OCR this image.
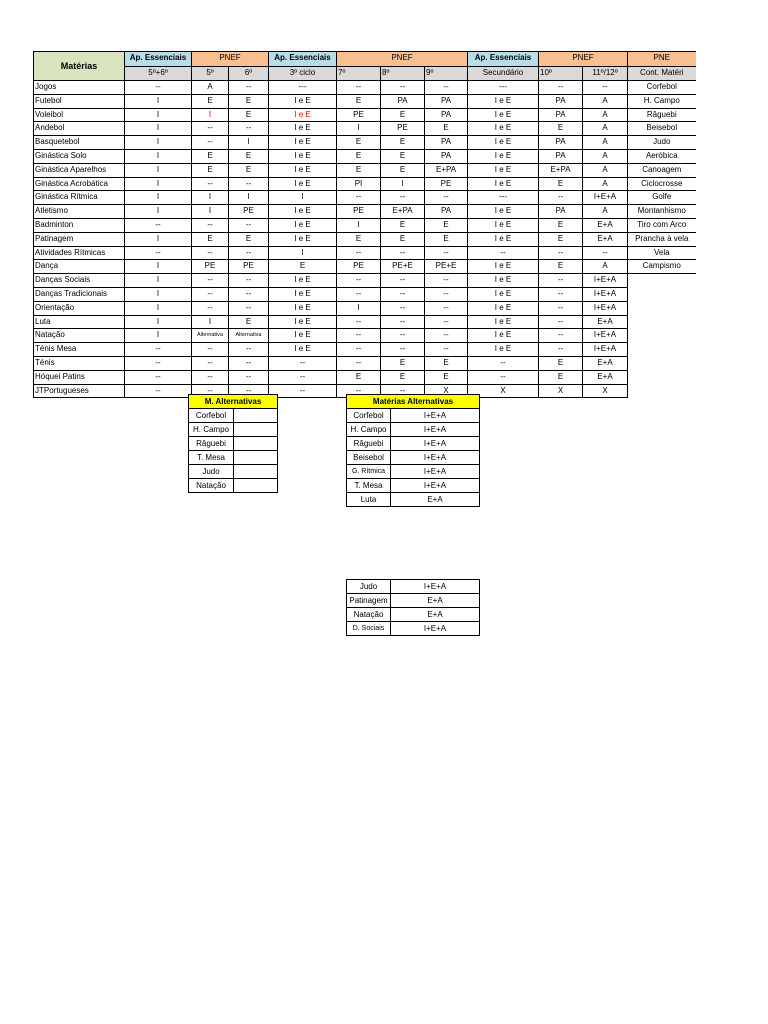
Matérias	Ap. Essenciais	PNEF		Ap. Essenciais	PNEF			Ap. Essenciais	PNEF		PNE
	5º+6º	5º	6º	3º ciclo	7º	8º	9º	Secundário	10º	11º/12º	Cont. Matéri
Jogos	--	A	--	---	--	--	--	---	--	--	Corfebol
Futebol	I	E	E	I e E	E	PA	PA	I e E	PA	A	H. Campo
Voleibol	I	I	E	I e E	PE	E	PA	I e E	PA	A	Râguebi
Andebol	I	--	--	I e E	I	PE	E	I e E	E	A	Beisebol
Basquetebol	I	--	I	I e E	E	E	PA	I e E	PA	A	Judo
Ginástica Solo	I	E	E	I e E	E	E	PA	I e E	PA	A	Aeróbica
Ginástica Aparelhos	I	E	E	I e E	E	E	E+PA	I e E	E+PA	A	Canoagem
Ginástica Acrobática	I	--	--	I e E	PI	I	PE	I e E	E	A	Ciclocrosse
Ginástica Rítmica	I	I	I	I	--	--	--	---	--	I+E+A	Golfe
Atletismo	I	I	PE	I e E	PE	E+PA	PA	I e E	PA	A	Montanhismo
Badminton	--	--	--	I e E	I	E	E	I e E	E	E+A	Tiro com Arco
Patinagem	I	E	E	I e E	E	E	E	I e E	E	E+A	Prancha à vela
Atividades Rítmicas	--	--	--	I	--	--	--	--	--	--	Vela
Dança	I	PE	PE	E	PE	PE+E	PE+E	I e E	E	A	Campismo
Danças Sociais	I	--	--	I e E	--	--	--	I e E	--	I+E+A	
Danças Tradicionais	I	--	--	I e E	--	--	--	I e E	--	I+E+A	
Orientação	I	--	--	I e E	I	--	--	I e E	--	I+E+A	
Luta	I	I	E	I e E	--	--	--	I e E	--	E+A	
Natação	I	Alternativa	Alternativa	I e E	--	--	--	I e E	--	I+E+A	
Ténis Mesa	--	--	--	I e E	--	--	--	I e E	--	I+E+A	
Ténis	--	--	--	--	--	E	E	--	E	E+A	
Hóquei Patins	--	--	--	--	E	E	E	--	E	E+A	
JTPortugueses	--	--	--	--	--	--	X	X	X	X	
M. Alternativas	
Corfebol	
H. Campo	
Râguebi	
T. Mesa	
Judo	
Natação	
Matérias Alternativas	
Corfebol	I+E+A
H. Campo	I+E+A
Râguebi	I+E+A
Beisebol	I+E+A
G. Rítmica	I+E+A
T. Mesa	I+E+A
Luta	E+A
Judo	I+E+A
Patinagem	E+A
Natação	E+A
D. Sociais	I+E+A
